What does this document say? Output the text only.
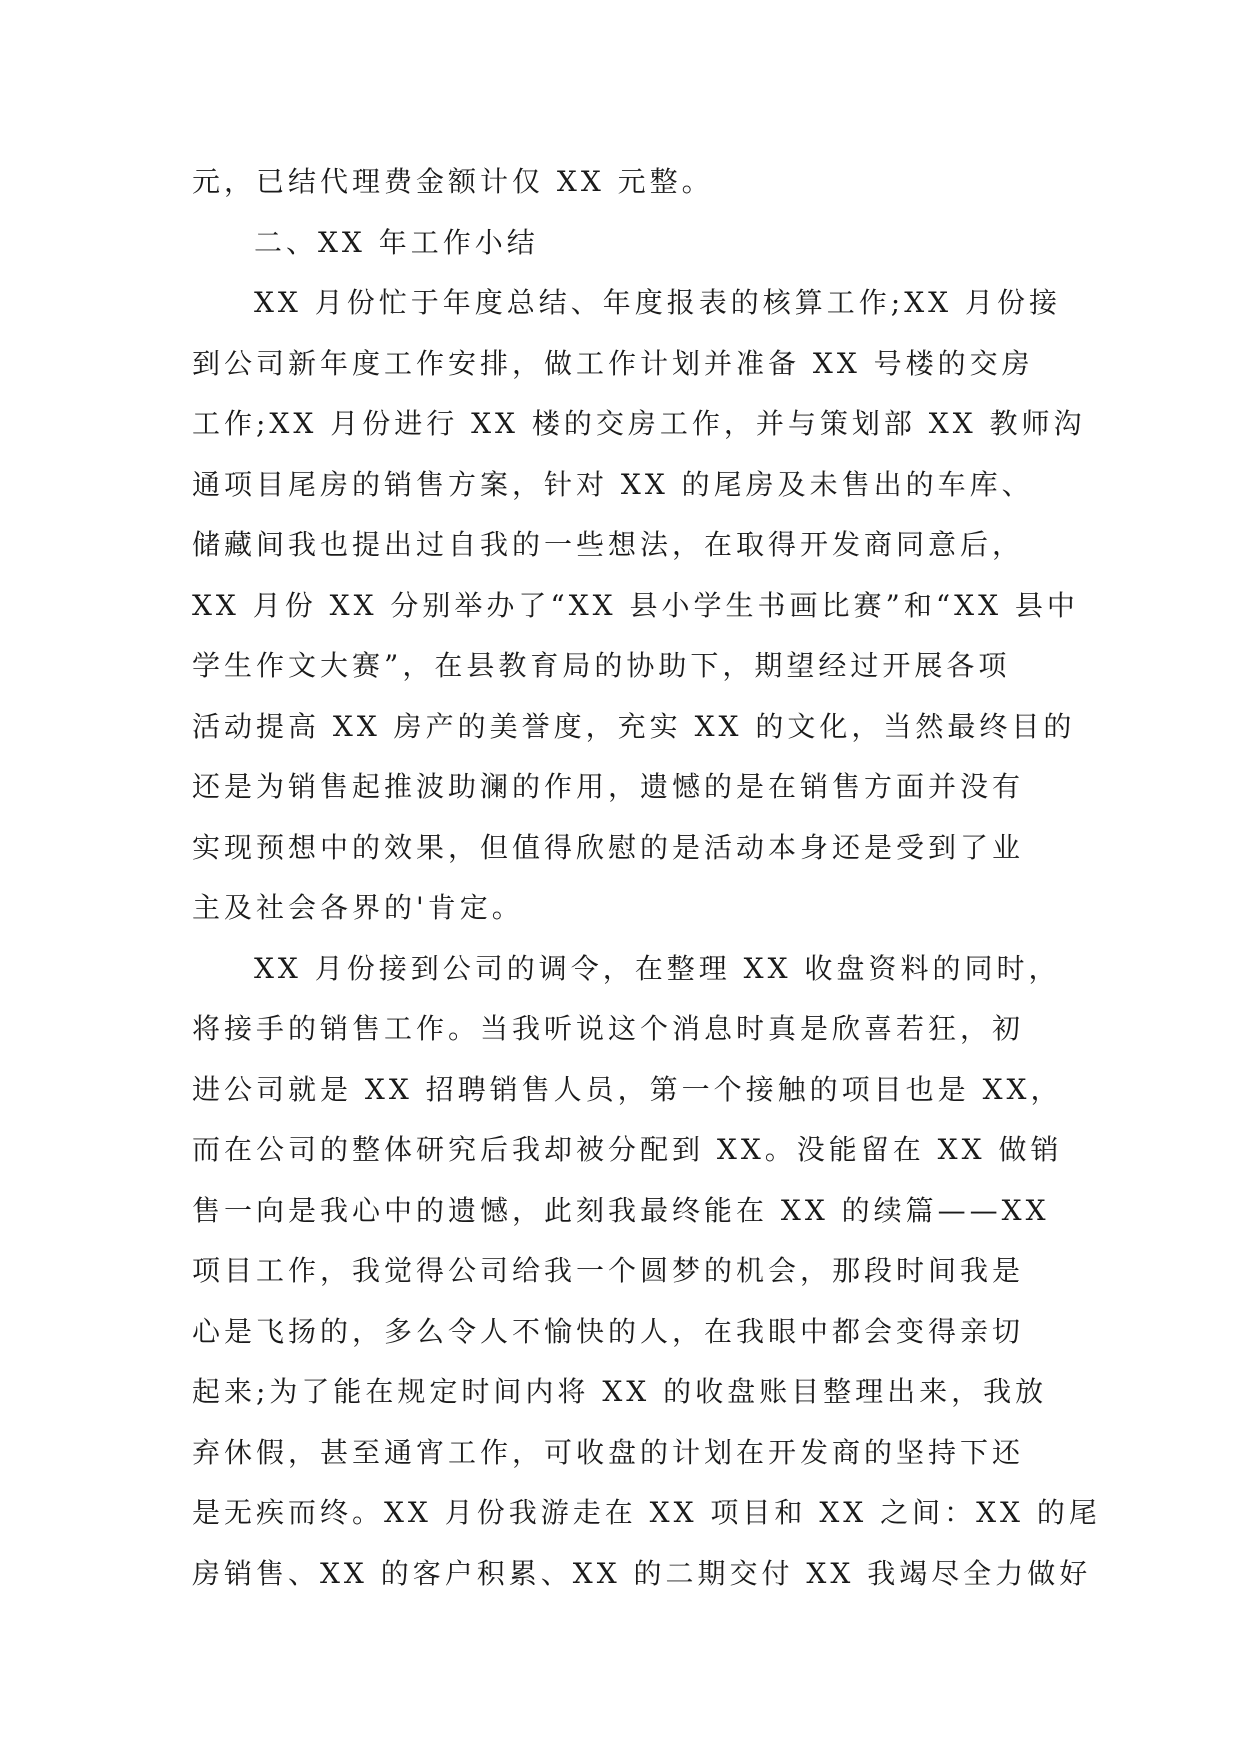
元，已结代理费金额计仅 XX 元整。
二、XX 年工作小结
XX 月份忙于年度总结、年度报表的核算工作;XX 月份接
到公司新年度工作安排，做工作计划并准备 XX 号楼的交房
工作;XX 月份进行 XX 楼的交房工作，并与策划部 XX 教师沟
通项目尾房的销售方案，针对 XX 的尾房及未售出的车库、
储藏间我也提出过自我的一些想法，在取得开发商同意后，
XX 月份 XX 分别举办了“XX 县小学生书画比赛”和“XX 县中
学生作文大赛”，在县教育局的协助下，期望经过开展各项
活动提高 XX 房产的美誉度，充实 XX 的文化，当然最终目的
还是为销售起推波助澜的作用，遗憾的是在销售方面并没有
实现预想中的效果，但值得欣慰的是活动本身还是受到了业
主及社会各界的'肯定。
XX 月份接到公司的调令，在整理 XX 收盘资料的同时，
将接手的销售工作。当我听说这个消息时真是欣喜若狂，初
进公司就是 XX 招聘销售人员，第一个接触的项目也是 XX，
而在公司的整体研究后我却被分配到 XX。没能留在 XX 做销
售一向是我心中的遗憾，此刻我最终能在 XX 的续篇——XX
项目工作，我觉得公司给我一个圆梦的机会，那段时间我是
心是飞扬的，多么令人不愉快的人，在我眼中都会变得亲切
起来;为了能在规定时间内将 XX 的收盘账目整理出来，我放
弃休假，甚至通宵工作，可收盘的计划在开发商的坚持下还
是无疾而终。XX 月份我游走在 XX 项目和 XX 之间：XX 的尾
房销售、XX 的客户积累、XX 的二期交付 XX 我竭尽全力做好
